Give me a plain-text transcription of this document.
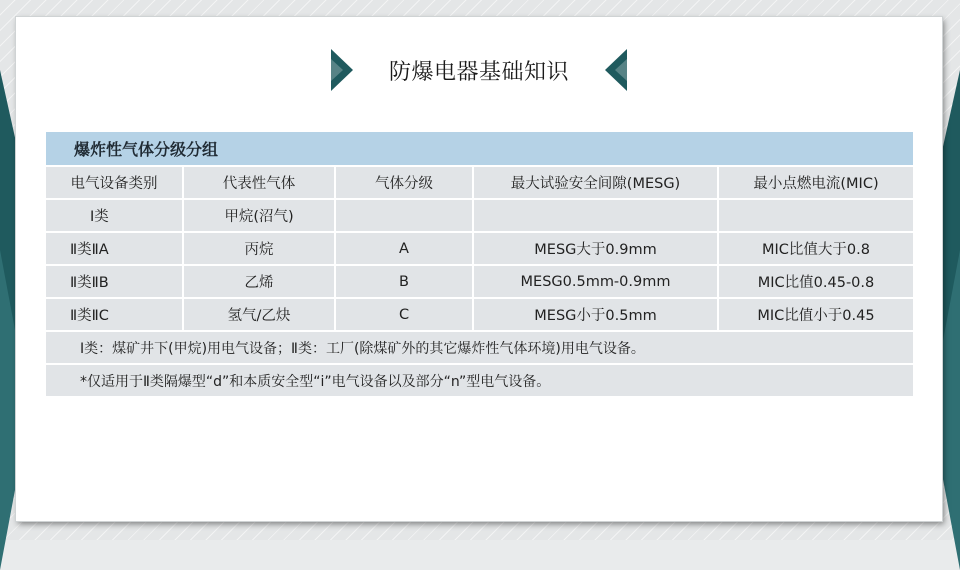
防爆电器基础知识
爆炸性气体分级分组				
电气设备类别	代表性气体	气体分级	最大试验安全间隙(MESG)	最小点燃电流(MIC)
I类	甲烷(沼气)			
Ⅱ类ⅡA	丙烷	A	MESG大于0.9mm	MIC比值大于0.8
Ⅱ类ⅡB	乙烯	B	MESG0.5mm-0.9mm	MIC比值0.45-0.8
Ⅱ类ⅡC	氢气/乙炔	C	MESG小于0.5mm	MIC比值小于0.45
I类：煤矿井下(甲烷)用电气设备；Ⅱ类：工厂(除煤矿外的其它爆炸性气体环境)用电气设备。				
*仅适用于Ⅱ类隔爆型“d”和本质安全型“i”电气设备以及部分“n”型电气设备。				
